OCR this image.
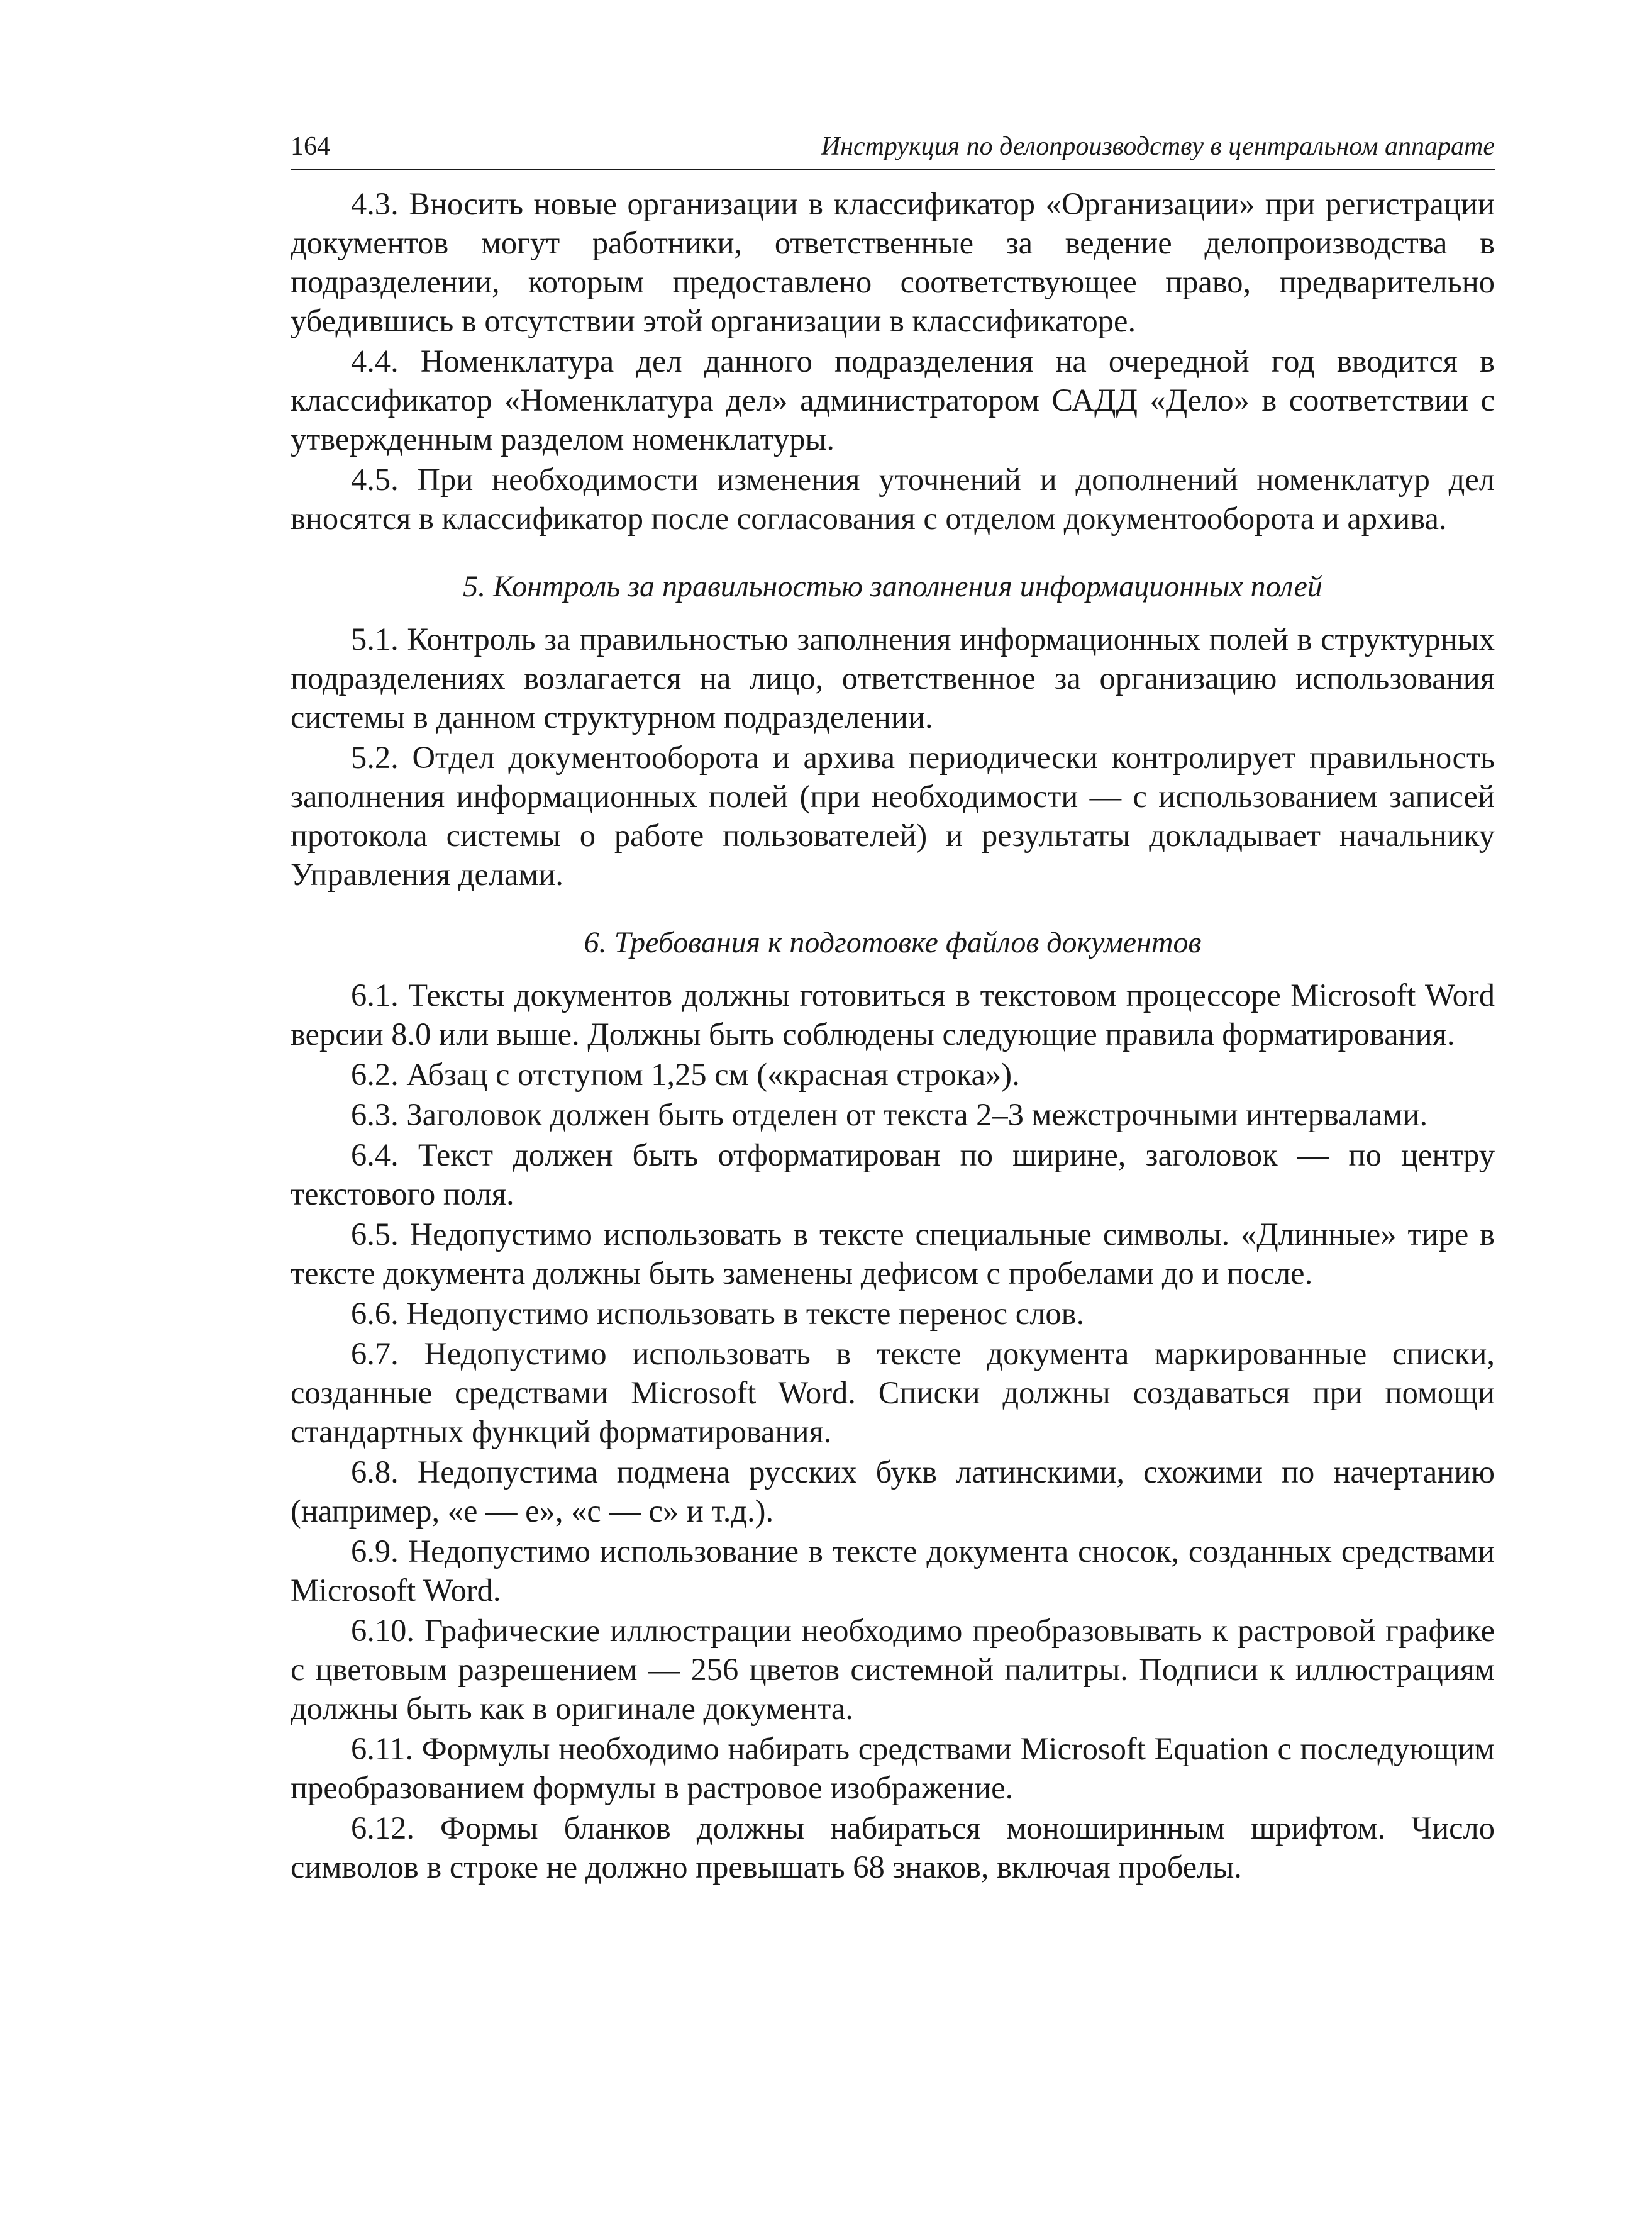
164	Инструкция по делопроизводству в центральном аппарате

4.3. Вносить новые организации в классификатор «Организации» при регистрации документов могут работники, ответственные за ведение делопроизводства в подразделении, которым предоставлено соответствующее право, предварительно убедившись в отсутствии этой организации в классификаторе.

4.4. Номенклатура дел данного подразделения на очередной год вводится в классификатор «Номенклатура дел» администратором САДД «Дело» в соответствии с утвержденным разделом номенклатуры.

4.5. При необходимости изменения уточнений и дополнений номенклатур дел вносятся в классификатор после согласования с отделом документооборота и архива.

5. Контроль за правильностью заполнения информационных полей

5.1. Контроль за правильностью заполнения информационных полей в структурных подразделениях возлагается на лицо, ответственное за организацию использования системы в данном структурном подразделении.

5.2. Отдел документооборота и архива периодически контролирует правильность заполнения информационных полей (при необходимости — с использованием записей протокола системы о работе пользователей) и результаты докладывает начальнику Управления делами.

6. Требования к подготовке файлов документов

6.1. Тексты документов должны готовиться в текстовом процессоре Microsoft Word версии 8.0 или выше. Должны быть соблюдены следующие правила форматирования.

6.2. Абзац с отступом 1,25 см («красная строка»).

6.3. Заголовок должен быть отделен от текста 2–3 межстрочными интервалами.

6.4. Текст должен быть отформатирован по ширине, заголовок — по центру текстового поля.

6.5. Недопустимо использовать в тексте специальные символы. «Длинные» тире в тексте документа должны быть заменены дефисом с пробелами до и после.

6.6. Недопустимо использовать в тексте перенос слов.

6.7. Недопустимо использовать в тексте документа маркированные списки, созданные средствами Microsoft Word. Списки должны создаваться при помощи стандартных функций форматирования.

6.8. Недопустима подмена русских букв латинскими, схожими по начертанию (например, «е — е», «с — с» и т.д.).

6.9. Недопустимо использование в тексте документа сносок, созданных средствами Microsoft Word.

6.10. Графические иллюстрации необходимо преобразовывать к растровой графике с цветовым разрешением — 256 цветов системной палитры. Подписи к иллюстрациям должны быть как в оригинале документа.

6.11. Формулы необходимо набирать средствами Microsoft Equation с последующим преобразованием формулы в растровое изображение.

6.12. Формы бланков должны набираться моноширинным шрифтом. Число символов в строке не должно превышать 68 знаков, включая пробелы.
